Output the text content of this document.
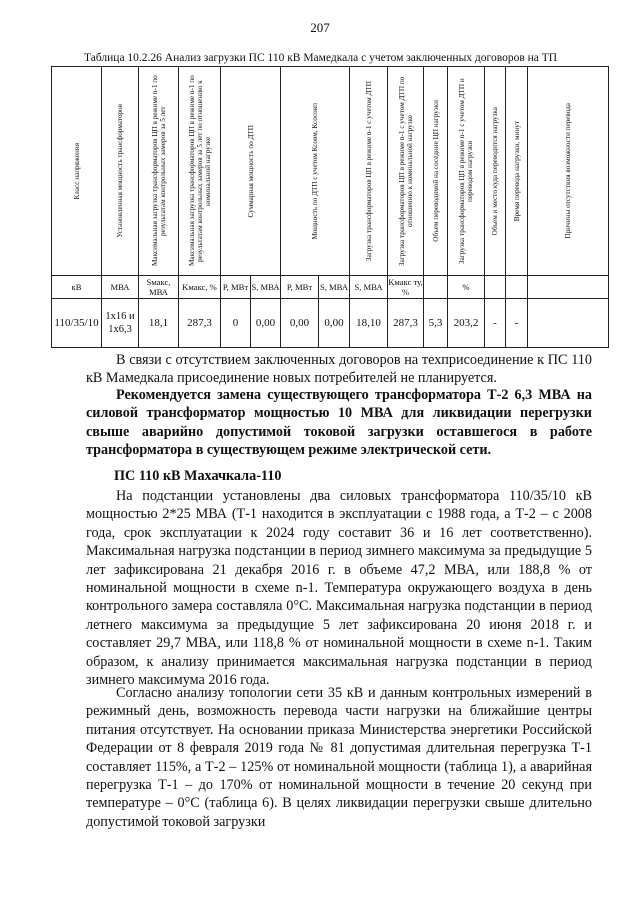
207
Таблица 10.2.26 Анализ загрузки ПС 110 кВ Мамедкала с учетом заключенных договоров на ТП
Класс напряжения	Установленная мощность трансформаторов	Максимальная загрузка трансформаторов ЦП в режиме n-1 по результатам контрольных замеров за 5 лет	Максимальная загрузка трансформаторов ЦП в режиме n-1 по результатам контрольных замеров за 5 лет по отношению к номинальной нагрузке	Суммарная мощность по ДТП		Мощность по ДТП с учетом Ксовм, Ксосовп		Загрузка трансформаторов ЦП в режиме n-1 с учетом ДТП	Загрузка трансформаторов ЦП в режиме n-1 с учетом ДТП по отношению к номинальной нагрузке	Объем переводимой на соседние ЦП нагрузки	Загрузка трансформаторов ЦП в режиме n-1 с учетом ДТП и переводом нагрузки	Объем и место куда переводится нагрузка	Время перевода нагрузки, минут	Причины отсутствия возможности перевода

кВ	МВА	Sмакс, МВА	Kмакс, %	P, МВт	S, МВА	P, МВт	S, МВА	S, МВА	Kмакс ту, %		%			
110/35/10	1х16 и 1х6,3	18,1	287,3	0	0,00	0,00	0,00	18,10	287,3	5,3	203,2	-	-	

В связи с отсутствием заключенных договоров на техприсоединение к ПС 110 кВ Мамедкала присоединение новых потребителей не планируется.

Рекомендуется замена существующего трансформатора Т-2 6,3 МВА на силовой трансформатор мощностью 10 МВА для ликвидации перегрузки свыше аварийно допустимой токовой загрузки оставшегося в работе трансформатора в существующем режиме электрической сети.

ПС 110 кВ Махачкала-110

На подстанции установлены два силовых трансформатора 110/35/10 кВ мощностью 2*25 МВА (Т-1 находится в эксплуатации с 1988 года, а Т-2 – с 2008 года, срок эксплуатации к 2024 году составит 36 и 16 лет соответственно). Максимальная нагрузка подстанции в период зимнего максимума за предыдущие 5 лет зафиксирована 21 декабря 2016 г. в объеме 47,2 МВА, или 188,8 % от номинальной мощности в схеме n-1. Температура окружающего воздуха в день контрольного замера составляла 0°С. Максимальная нагрузка подстанции в период летнего максимума за предыдущие 5 лет зафиксирована 20 июня 2018 г. и составляет 29,7 МВА, или 118,8 % от номинальной мощности в схеме n-1. Таким образом, к анализу принимается максимальная нагрузка подстанции в период зимнего максимума 2016 года.

Согласно анализу топологии сети 35 кВ и данным контрольных измерений в режимный день, возможность перевода части нагрузки на ближайшие центры питания отсутствует. На основании приказа Министерства энергетики Российской Федерации от 8 февраля 2019 года № 81 допустимая длительная перегрузка Т-1 составляет 115%, а Т-2 – 125% от номинальной мощности (таблица 1), а аварийная перегрузка Т-1 – до 170% от номинальной мощности в течение 20 секунд при температуре – 0°С (таблица 6). В целях ликвидации перегрузки свыше длительно допустимой токовой загрузки
